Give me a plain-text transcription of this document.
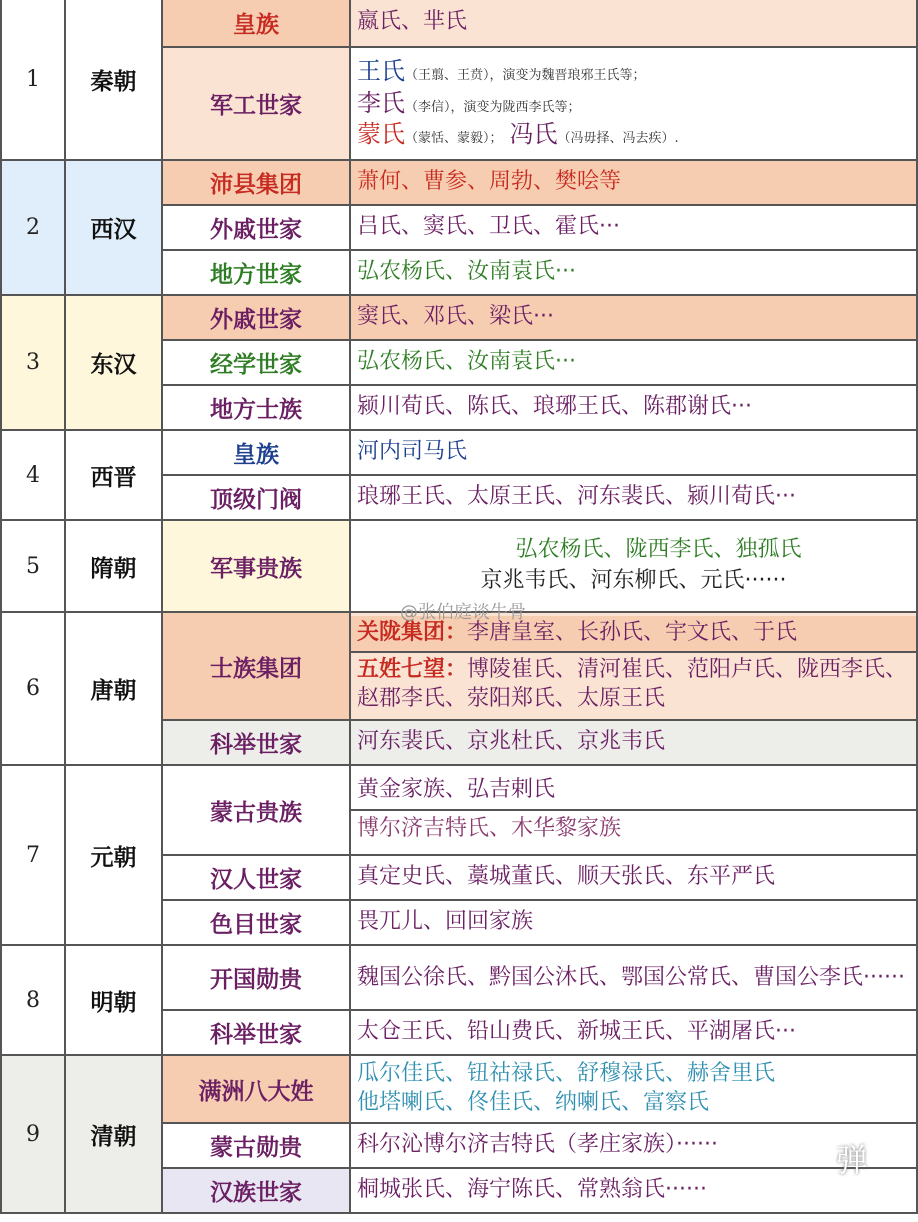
1	秦朝	皇族	嬴氏、芈氏
		军工世家	王氏（王翦、王贲），演变为魏晋琅邪王氏等；
李氏（李信），演变为陇西李氏等；
蒙氏（蒙恬、蒙毅）； 冯氏（冯毋择、冯去疾）.

2	西汉	沛县集团	萧何、曹参、周勃、樊哙等
		外戚世家	吕氏、窦氏、卫氏、霍氏···
		地方世家	弘农杨氏、汝南袁氏···
3	东汉	外戚世家	窦氏、邓氏、梁氏···
		经学世家	弘农杨氏、汝南袁氏···
		地方士族	颍川荀氏、陈氏、琅琊王氏、陈郡谢氏···
4	西晋	皇族	河内司马氏
		顶级门阀	琅琊王氏、太原王氏、河东裴氏、颍川荀氏···
5	隋朝	军事贵族	弘农杨氏、陇西李氏、独孤氏
京兆韦氏、河东柳氏、元氏······

6	唐朝	士族集团	关陇集团：李唐皇室、长孙氏、宇文氏、于氏
五姓七望：博陵崔氏、清河崔氏、范阳卢氏、陇西李氏、赵郡李氏、荥阳郑氏、太原王氏

		科举世家	河东裴氏、京兆杜氏、京兆韦氏
7	元朝	蒙古贵族	黄金家族、弘吉剌氏
博尔济吉特氏、木华黎家族

		汉人世家	真定史氏、藁城董氏、顺天张氏、东平严氏
		色目世家	畏兀儿、回回家族
8	明朝	开国勋贵	魏国公徐氏、黔国公沐氏、鄂国公常氏、曹国公李氏······
		科举世家	太仓王氏、铅山费氏、新城王氏、平湖屠氏···
9	清朝	满洲八大姓	瓜尔佳氏、钮祜禄氏、舒穆禄氏、赫舍里氏
他塔喇氏、佟佳氏、纳喇氏、富察氏

		蒙古勋贵	科尔沁博尔济吉特氏（孝庄家族）······
		汉族世家	桐城张氏、海宁陈氏、常熟翁氏······
@张伯庭谈牛骨
弹
